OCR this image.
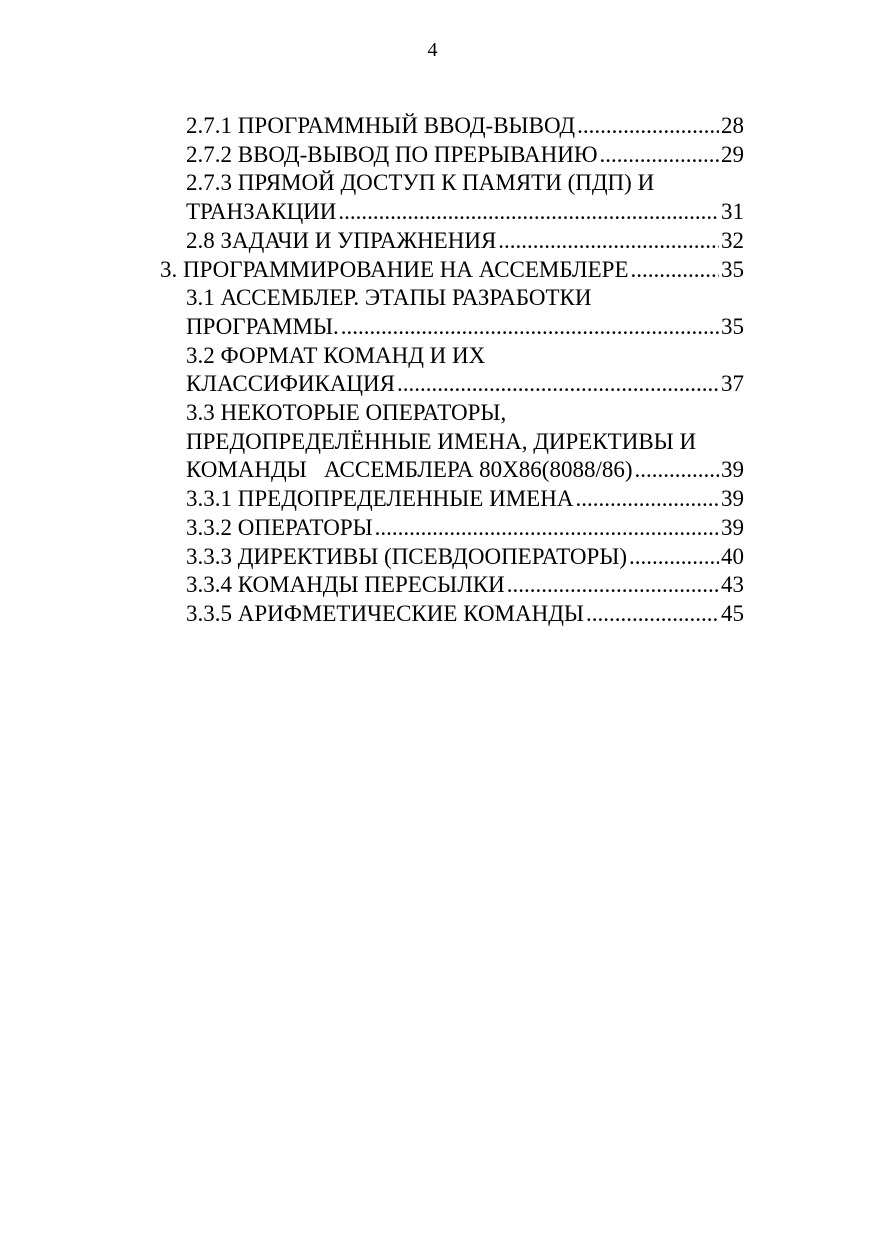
4
2.7.1 ПРОГРАММНЫЙ ВВОД-ВЫВОД .....	28
2.7.2 ВВОД-ВЫВОД ПО ПРЕРЫВАНИЮ .....	29
2.7.3 ПРЯМОЙ ДОСТУП К ПАМЯТИ (ПДП) И
ТРАНЗАКЦИИ .....	31
2.8 ЗАДАЧИ И УПРАЖНЕНИЯ .....	32
3. ПРОГРАММИРОВАНИЕ НА АССЕМБЛЕРЕ .....	35
3.1 АССЕМБЛЕР. ЭТАПЫ РАЗРАБОТКИ
ПРОГРАММЫ. .....	35
3.2 ФОРМАТ КОМАНД И ИХ
КЛАССИФИКАЦИЯ .....	37
3.3 НЕКОТОРЫЕ ОПЕРАТОРЫ,
ПРЕДОПРЕДЕЛЁННЫЕ ИМЕНА, ДИРЕКТИВЫ И
КОМАНДЫ   АССЕМБЛЕРА 80Х86(8088/86) .....	39
3.3.1 ПРЕДОПРЕДЕЛЕННЫЕ ИМЕНА .....	39
3.3.2 ОПЕРАТОРЫ .....	39
3.3.3 ДИРЕКТИВЫ (ПСЕВДООПЕРАТОРЫ) .....	40
3.3.4 КОМАНДЫ ПЕРЕСЫЛКИ .....	43
3.3.5 АРИФМЕТИЧЕСКИЕ КОМАНДЫ .....	45
